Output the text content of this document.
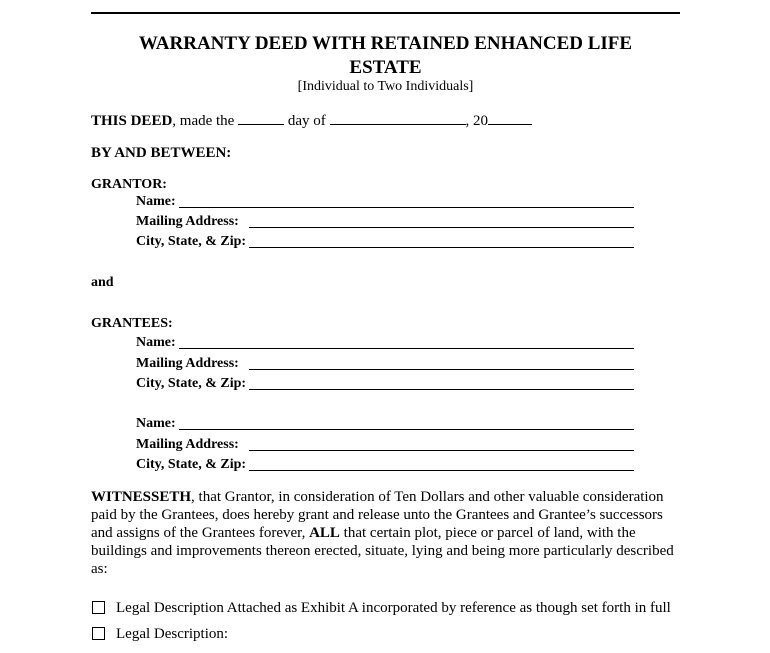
WARRANTY DEED WITH RETAINED ENHANCED LIFE
ESTATE
[Individual to Two Individuals]
THIS DEED, made the	day of	, 20
BY AND BETWEEN:
GRANTOR:
Name:
Mailing Address:
City, State, & Zip:
and
GRANTEES:
Name:
Mailing Address:
City, State, & Zip:
Name:
Mailing Address:
City, State, & Zip:
WITNESSETH, that Grantor, in consideration of Ten Dollars and other valuable consideration
paid by the Grantees, does hereby grant and release unto the Grantees and Grantee’s successors
and assigns of the Grantees forever, ALL that certain plot, piece or parcel of land, with the
buildings and improvements thereon erected, situate, lying and being more particularly described
as:
Legal Description Attached as Exhibit A incorporated by reference as though set forth in full
Legal Description:
